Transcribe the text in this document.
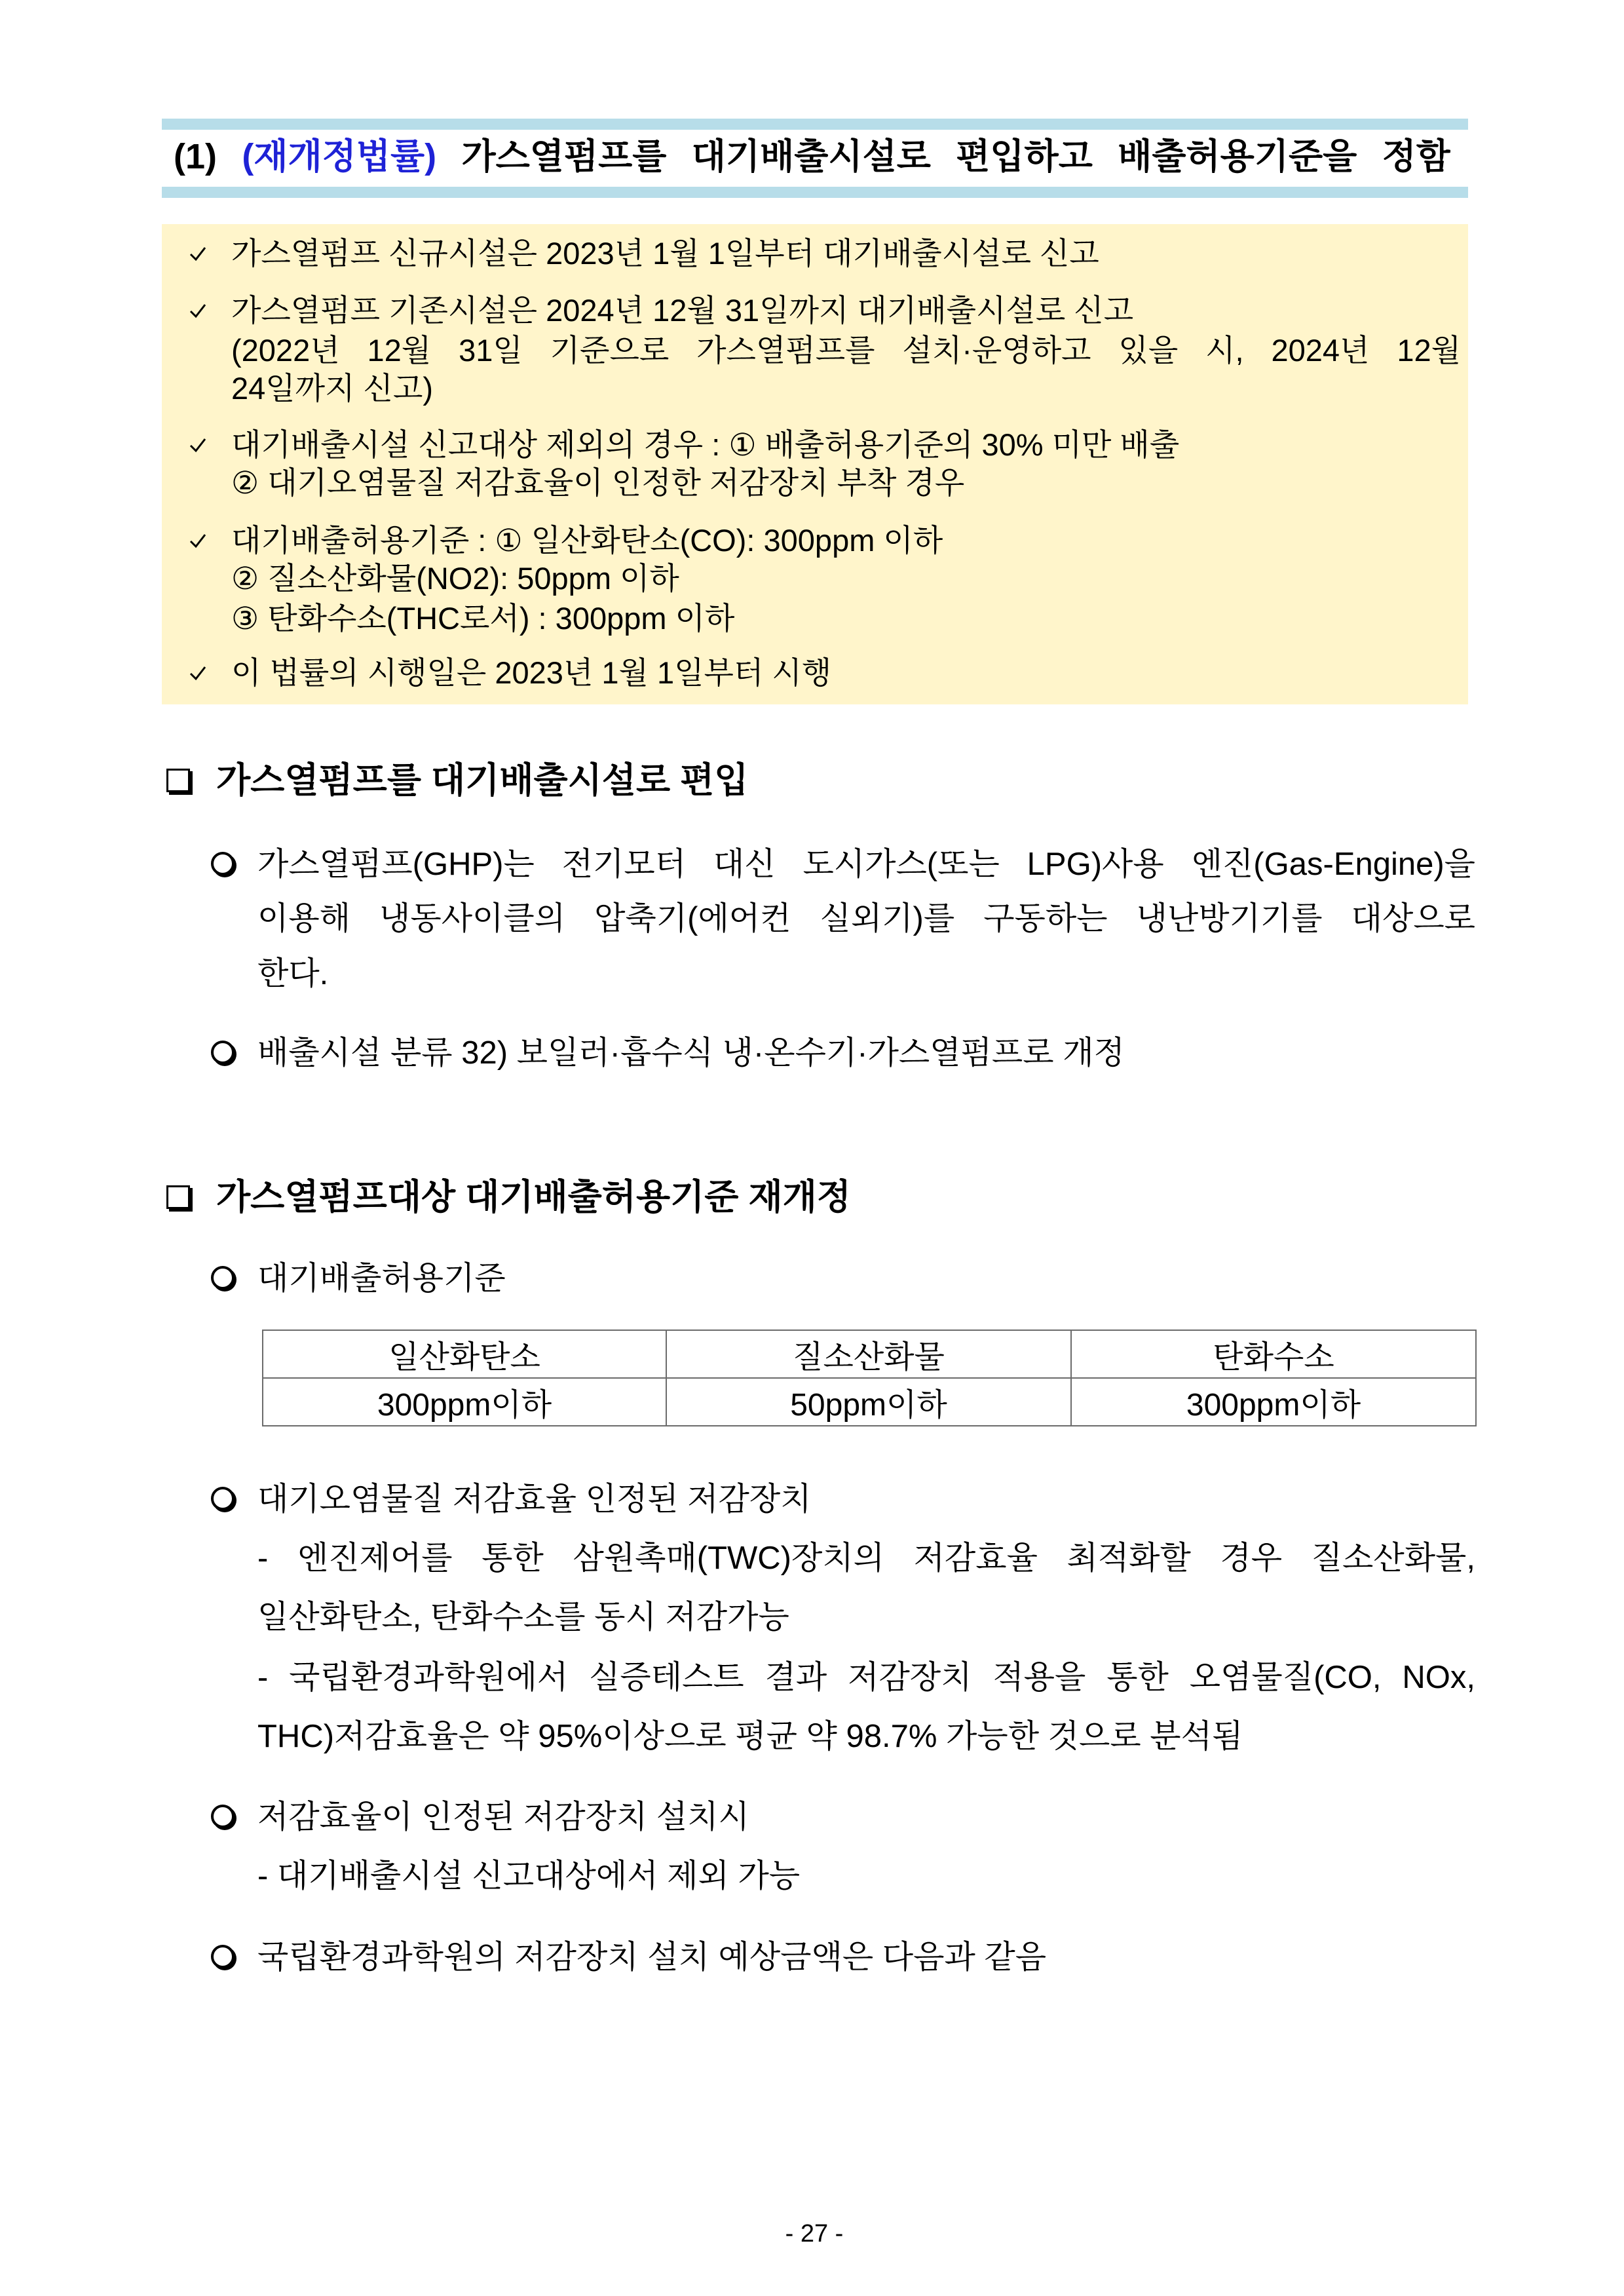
(1) (재개정법률) 가스열펌프를 대기배출시설로 편입하고 배출허용기준을 정함
가스열펌프 신규시설은 2023년 1월 1일부터 대기배출시설로 신고
가스열펌프 기존시설은 2024년 12월 31일까지 대기배출시설로 신고
(2022년 12월 31일 기준으로 가스열펌프를 설치·운영하고 있을 시, 2024년 12월
24일까지 신고)
대기배출시설 신고대상 제외의 경우 : ① 배출허용기준의 30% 미만 배출
② 대기오염물질 저감효율이 인정한 저감장치 부착 경우
대기배출허용기준 : ① 일산화탄소(CO): 300ppm 이하
② 질소산화물(NO2): 50ppm 이하
③ 탄화수소(THC로서) : 300ppm 이하
이 법률의 시행일은 2023년 1월 1일부터 시행
가스열펌프를 대기배출시설로 편입
가스열펌프(GHP)는 전기모터 대신 도시가스(또는 LPG)사용 엔진(Gas-Engine)을
이용해 냉동사이클의 압축기(에어컨 실외기)를 구동하는 냉난방기기를 대상으로
한다.
배출시설 분류 32) 보일러·흡수식 냉·온수기·가스열펌프로 개정
가스열펌프대상 대기배출허용기준 재개정
대기배출허용기준
일산화탄소	질소산화물	탄화수소
300ppm이하	50ppm이하	300ppm이하
대기오염물질 저감효율 인정된 저감장치
- 엔진제어를 통한 삼원촉매(TWC)장치의 저감효율 최적화할 경우 질소산화물,
일산화탄소, 탄화수소를 동시 저감가능
- 국립환경과학원에서 실증테스트 결과 저감장치 적용을 통한 오염물질(CO, NOx,
THC)저감효율은 약 95%이상으로 평균 약 98.7% 가능한 것으로 분석됨
저감효율이 인정된 저감장치 설치시
- 대기배출시설 신고대상에서 제외 가능
국립환경과학원의 저감장치 설치 예상금액은 다음과 같음
- 27 -
